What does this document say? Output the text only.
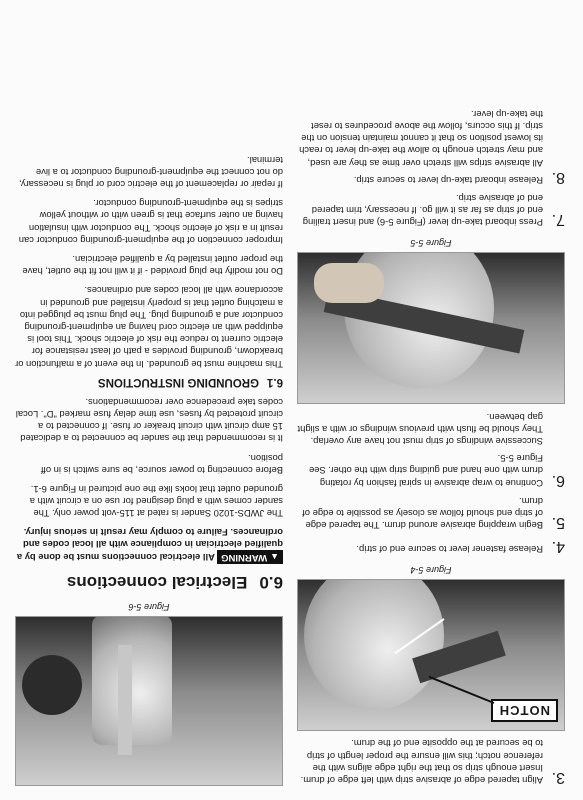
3.

Align tapered edge of abrasive strip with left edge of drum. Insert enough strip so that the right edge aligns with the reference notch; this will ensure the proper length of strip to be secured at the opposite end of the drum.

NOTCH
Figure 5-4
4.

Release fastener lever to secure end of strip.

5.

Begin wrapping abrasive around drum. The tapered edge of strip end should follow as closely as possible to edge of drum.

6.

Continue to wrap abrasive in spiral fashion by rotating drum with one hand and guiding strip with the other. See Figure 5-5.

Successive windings of strip must not have any overlap. They should be flush with previous windings or with a slight gap between.

Figure 5-5
7.

Press inboard take-up lever (Figure 5-6) and insert trailing end of strip as far as it will go. If necessary, trim tapered end of abrasive strip.

8.

Release inboard take-up lever to secure strip.

All abrasive strips will stretch over time as they are used, and may stretch enough to allow the take-up lever to reach its lowest position so that it cannot maintain tension on the strip. If this occurs, follow the above procedures to reset the take-up lever.

Figure 5-6
6.0Electrical connections

▲
WARNING
All electrical connections must be done by a qualified electrician in compliance with all local codes and ordinances. Failure to comply may result in serious injury.

The JWDS-1020 Sander is rated at 115-volt power only. The sander comes with a plug designed for use on a circuit with a grounded outlet that looks like the one pictured in Figure 6-1.

Before connecting to power source, be sure switch is in off position.

It is recommended that the sander be connected to a dedicated 15 amp circuit with circuit breaker or fuse. If connected to a circuit protected by fuses, use time delay fuse marked "D". Local codes take precedence over recommendations.

6.1GROUNDING INSTRUCTIONS

This machine must be grounded. In the event of a malfunction or breakdown, grounding provides a path of least resistance for electric current to reduce the risk of electric shock. This tool is equipped with an electric cord having an equipment-grounding conductor and a grounding plug. The plug must be plugged into a matching outlet that is properly installed and grounded in accordance with all local codes and ordinances.

Do not modify the plug provided - if it will not fit the outlet, have the proper outlet installed by a qualified electrician.

Improper connection of the equipment-grounding conductor can result in a risk of electric shock. The conductor with insulation having an outer surface that is green with or without yellow stripes is the equipment-grounding conductor.

If repair or replacement of the electric cord or plug is necessary, do not connect the equipment-grounding conductor to a live terminal.
